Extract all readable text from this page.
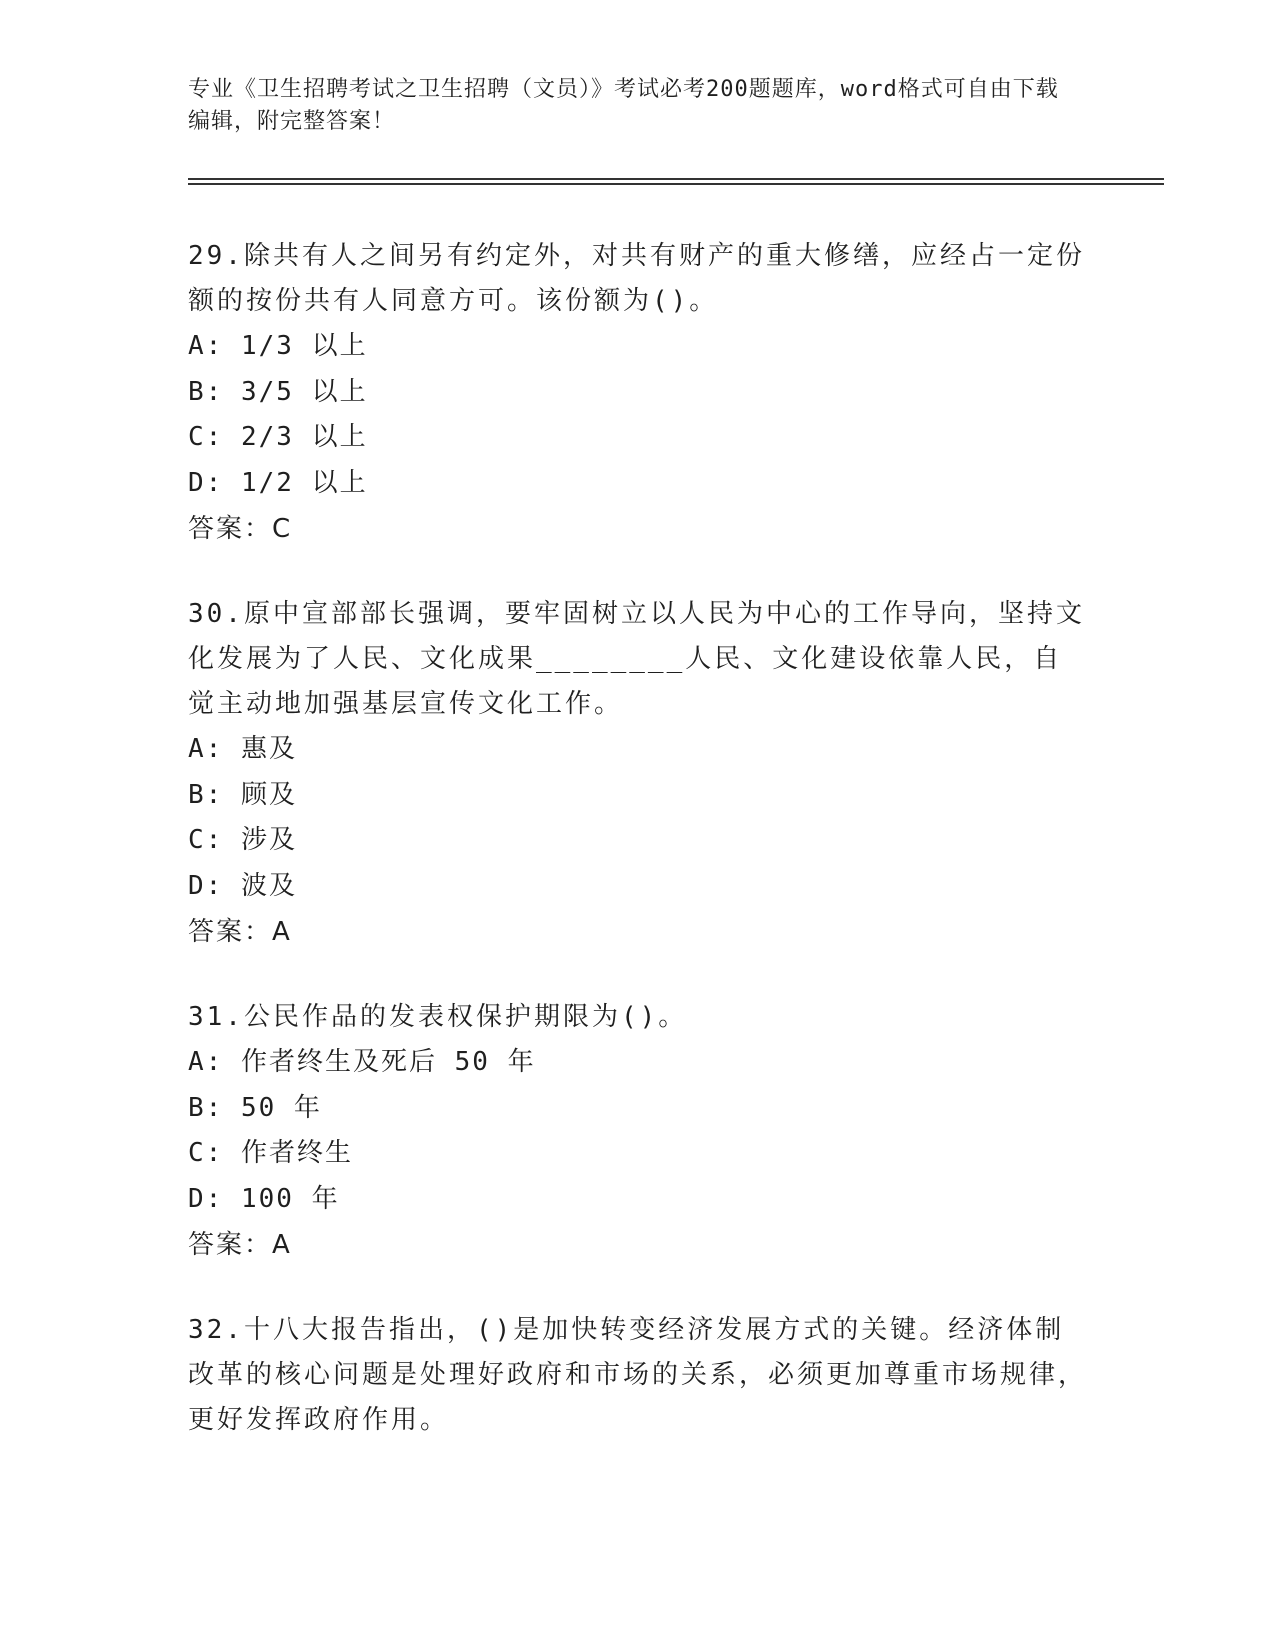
专业《卫生招聘考试之卫生招聘（文员）》考试必考200题题库，word格式可自由下载编辑，附完整答案！

29.除共有人之间另有约定外，对共有财产的重大修缮，应经占一定份额的按份共有人同意方可。该份额为()。

A: 1/3 以上

B: 3/5 以上

C: 2/3 以上

D: 1/2 以上

答案：C

30.原中宣部部长强调，要牢固树立以人民为中心的工作导向，坚持文化发展为了人民、文化成果________人民、文化建设依靠人民，自觉主动地加强基层宣传文化工作。

A: 惠及

B: 顾及

C: 涉及

D: 波及

答案：A

31.公民作品的发表权保护期限为()。

A: 作者终生及死后 50 年

B: 50 年

C: 作者终生

D: 100 年

答案：A

32.十八大报告指出，()是加快转变经济发展方式的关键。经济体制改革的核心问题是处理好政府和市场的关系，必须更加尊重市场规律，更好发挥政府作用。
